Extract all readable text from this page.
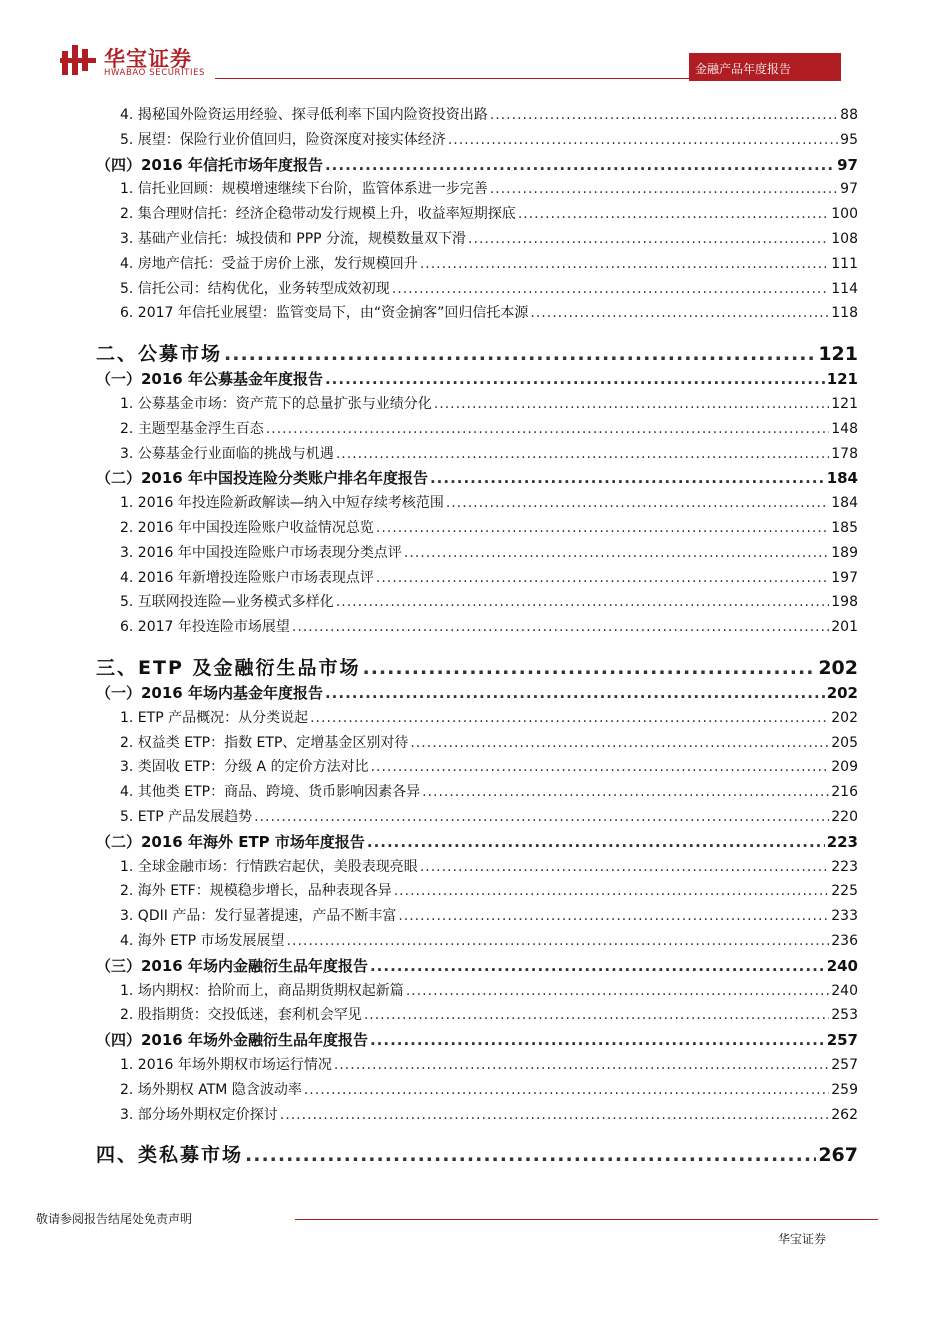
华宝证券
HWABAO SECURITIES	金融产品年度报告
4. 揭秘国外险资运用经验、探寻低利率下国内险资投资出路 .....	88
5. 展望：保险行业价值回归，险资深度对接实体经济 .....	95
（四）2016 年信托市场年度报告 .....	97
1. 信托业回顾：规模增速继续下台阶，监管体系进一步完善 .....	97
2. 集合理财信托：经济企稳带动发行规模上升，收益率短期探底 .....	100
3. 基础产业信托：城投债和 PPP 分流，规模数量双下滑 .....	108
4. 房地产信托：受益于房价上涨，发行规模回升 .....	111
5. 信托公司：结构优化，业务转型成效初现 .....	114
6. 2017 年信托业展望：监管变局下，由“资金掮客”回归信托本源 .....	118
二、公募市场 .....	121
（一）2016 年公募基金年度报告 .....	121
1. 公募基金市场：资产荒下的总量扩张与业绩分化 .....	121
2. 主题型基金浮生百态 .....	148
3. 公募基金行业面临的挑战与机遇 .....	178
（二）2016 年中国投连险分类账户排名年度报告 .....	184
1. 2016 年投连险新政解读—纳入中短存续考核范围 .....	184
2. 2016 年中国投连险账户收益情况总览 .....	185
3. 2016 年中国投连险账户市场表现分类点评 .....	189
4. 2016 年新增投连险账户市场表现点评 .....	197
5. 互联网投连险—业务模式多样化 .....	198
6. 2017 年投连险市场展望 .....	201
三、ETP 及金融衍生品市场 .....	202
（一）2016 年场内基金年度报告 .....	202
1. ETP 产品概况：从分类说起 .....	202
2. 权益类 ETP：指数 ETP、定增基金区别对待 .....	205
3. 类固收 ETP：分级 A 的定价方法对比 .....	209
4. 其他类 ETP：商品、跨境、货币影响因素各异 .....	216
5. ETP 产品发展趋势 .....	220
（二）2016 年海外 ETP 市场年度报告 .....	223
1. 全球金融市场：行情跌宕起伏，美股表现亮眼 .....	223
2. 海外 ETF：规模稳步增长，品种表现各异 .....	225
3. QDII 产品：发行显著提速，产品不断丰富 .....	233
4. 海外 ETP 市场发展展望 .....	236
（三）2016 年场内金融衍生品年度报告 .....	240
1. 场内期权：拾阶而上，商品期货期权起新篇 .....	240
2. 股指期货：交投低迷，套利机会罕见 .....	253
（四）2016 年场外金融衍生品年度报告 .....	257
1. 2016 年场外期权市场运行情况 .....	257
2. 场外期权 ATM 隐含波动率 .....	259
3. 部分场外期权定价探讨 .....	262
四、类私募市场 .....	267
敬请参阅报告结尾处免责声明
华宝证券
